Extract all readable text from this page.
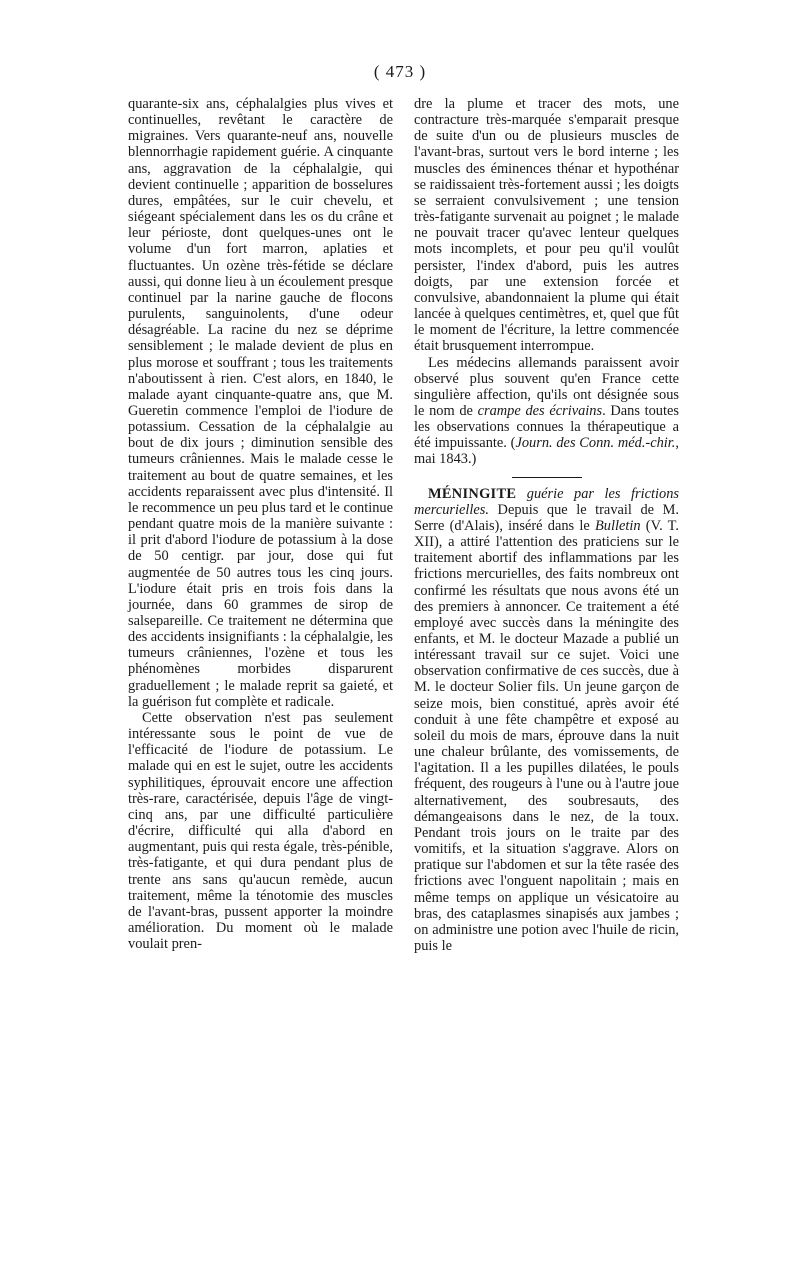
( 473 )

quarante-six ans, céphalalgies plus vives et continuelles, revêtant le caractère de migraines. Vers quarante-neuf ans, nouvelle blennorrhagie rapidement guérie. A cinquante ans, aggravation de la céphalalgie, qui devient continuelle ; apparition de bosselures dures, empâtées, sur le cuir chevelu, et siégeant spécialement dans les os du crâne et leur périoste, dont quelques-unes ont le volume d'un fort marron, aplaties et fluctuantes. Un ozène très-fétide se déclare aussi, qui donne lieu à un écoulement presque continuel par la narine gauche de flocons purulents, sanguinolents, d'une odeur désagréable. La racine du nez se déprime sensiblement ; le malade devient de plus en plus morose et souffrant ; tous les traitements n'aboutissent à rien. C'est alors, en 1840, le malade ayant cinquante-quatre ans, que M. Gueretin commence l'emploi de l'iodure de potassium. Cessation de la céphalalgie au bout de dix jours ; diminution sensible des tumeurs crâniennes. Mais le malade cesse le traitement au bout de quatre semaines, et les accidents reparaissent avec plus d'intensité. Il le recommence un peu plus tard et le continue pendant quatre mois de la manière suivante : il prit d'abord l'iodure de potassium à la dose de 50 centigr. par jour, dose qui fut augmentée de 50 autres tous les cinq jours. L'iodure était pris en trois fois dans la journée, dans 60 grammes de sirop de salsepareille. Ce traitement ne détermina que des accidents insignifiants : la céphalalgie, les tumeurs crâniennes, l'ozène et tous les phénomènes morbides disparurent graduellement ; le malade reprit sa gaieté, et la guérison fut complète et radicale.

Cette observation n'est pas seulement intéressante sous le point de vue de l'efficacité de l'iodure de potassium. Le malade qui en est le sujet, outre les accidents syphilitiques, éprouvait encore une affection très-rare, caractérisée, depuis l'âge de vingt-cinq ans, par une difficulté particulière d'écrire, difficulté qui alla d'abord en augmentant, puis qui resta égale, très-pénible, très-fatigante, et qui dura pendant plus de trente ans sans qu'aucun remède, aucun traitement, même la ténotomie des muscles de l'avant-bras, pussent apporter la moindre amélioration. Du moment où le malade voulait pren-

dre la plume et tracer des mots, une contracture très-marquée s'emparait presque de suite d'un ou de plusieurs muscles de l'avant-bras, surtout vers le bord interne ; les muscles des éminences thénar et hypothénar se raidissaient très-fortement aussi ; les doigts se serraient convulsivement ; une tension très-fatigante survenait au poignet ; le malade ne pouvait tracer qu'avec lenteur quelques mots incomplets, et pour peu qu'il voulût persister, l'index d'abord, puis les autres doigts, par une extension forcée et convulsive, abandonnaient la plume qui était lancée à quelques centimètres, et, quel que fût le moment de l'écriture, la lettre commencée était brusquement interrompue.

Les médecins allemands paraissent avoir observé plus souvent qu'en France cette singulière affection, qu'ils ont désignée sous le nom de crampe des écrivains. Dans toutes les observations connues la thérapeutique a été impuissante. (Journ. des Conn. méd.-chir., mai 1843.)

MÉNINGITE guérie par les frictions mercurielles. Depuis que le travail de M. Serre (d'Alais), inséré dans le Bulletin (V. T. XII), a attiré l'attention des praticiens sur le traitement abortif des inflammations par les frictions mercurielles, des faits nombreux ont confirmé les résultats que nous avons été un des premiers à annoncer. Ce traitement a été employé avec succès dans la méningite des enfants, et M. le docteur Mazade a publié un intéressant travail sur ce sujet. Voici une observation confirmative de ces succès, due à M. le docteur Solier fils. Un jeune garçon de seize mois, bien constitué, après avoir été conduit à une fête champêtre et exposé au soleil du mois de mars, éprouve dans la nuit une chaleur brûlante, des vomissements, de l'agitation. Il a les pupilles dilatées, le pouls fréquent, des rougeurs à l'une ou à l'autre joue alternativement, des soubresauts, des démangeaisons dans le nez, de la toux. Pendant trois jours on le traite par des vomitifs, et la situation s'aggrave. Alors on pratique sur l'abdomen et sur la tête rasée des frictions avec l'onguent napolitain ; mais en même temps on applique un vésicatoire au bras, des cataplasmes sinapisés aux jambes ; on administre une potion avec l'huile de ricin, puis le
